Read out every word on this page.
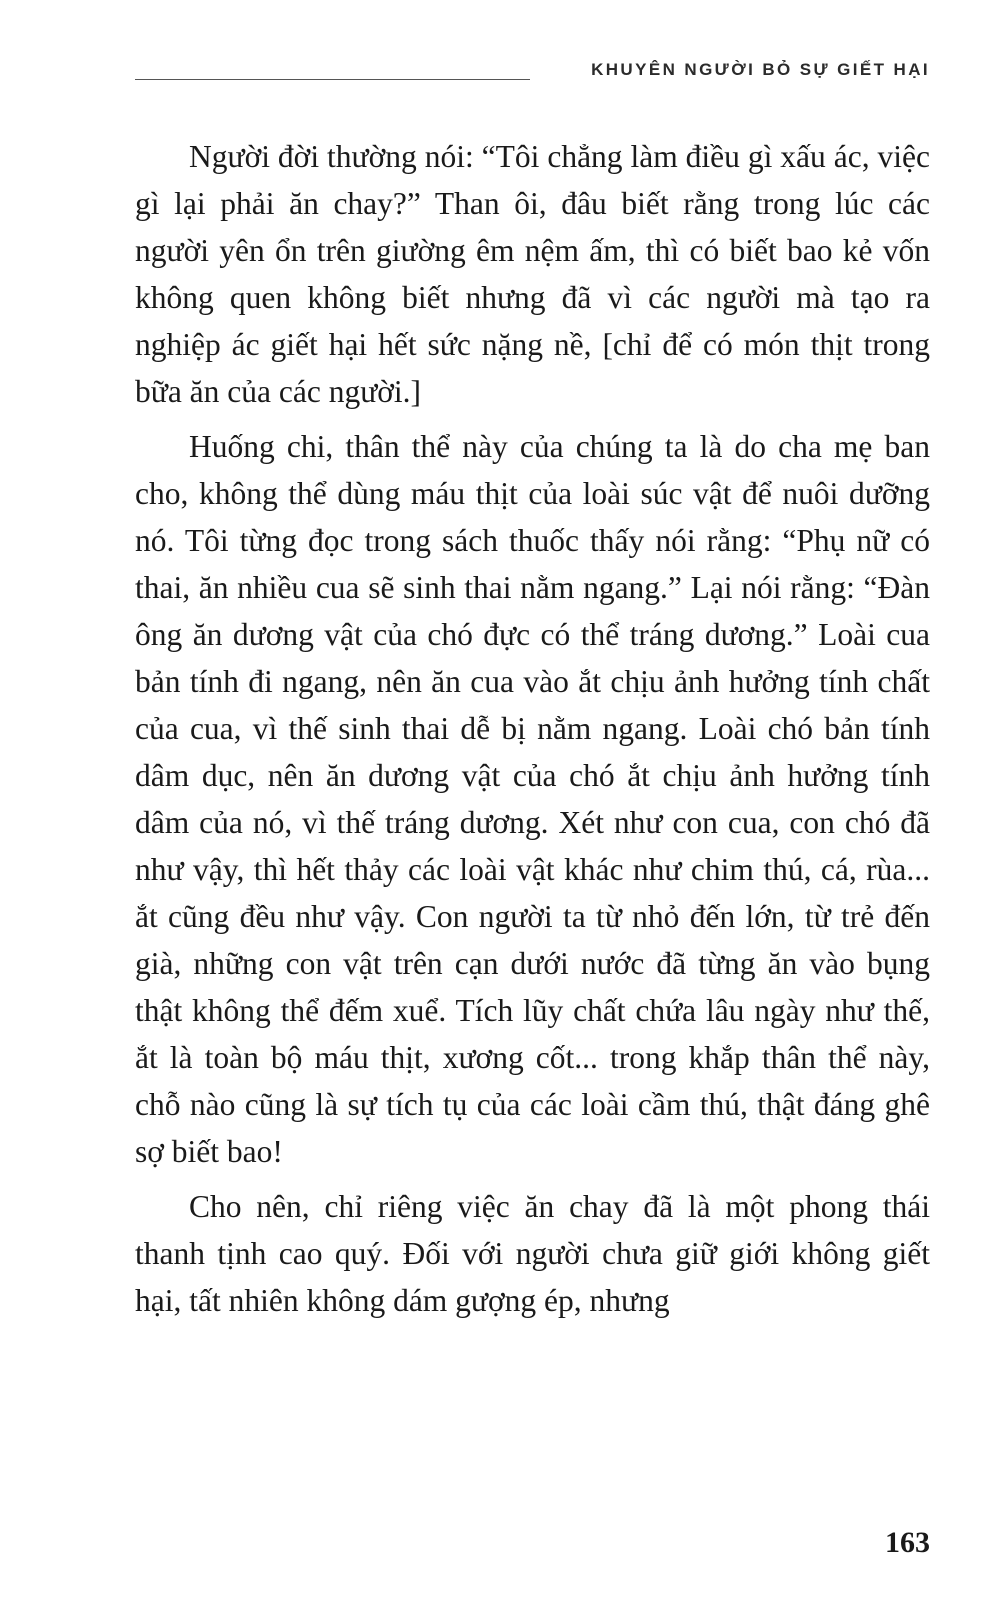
KHUYÊN NGƯỜI BỎ SỰ GIẾT HẠI

Người đời thường nói: “Tôi chẳng làm điều gì xấu ác, việc gì lại phải ăn chay?” Than ôi, đâu biết rằng trong lúc các người yên ổn trên giường êm nệm ấm, thì có biết bao kẻ vốn không quen không biết nhưng đã vì các người mà tạo ra nghiệp ác giết hại hết sức nặng nề, [chỉ để có món thịt trong bữa ăn của các người.]

Huống chi, thân thể này của chúng ta là do cha mẹ ban cho, không thể dùng máu thịt của loài súc vật để nuôi dưỡng nó. Tôi từng đọc trong sách thuốc thấy nói rằng: “Phụ nữ có thai, ăn nhiều cua sẽ sinh thai nằm ngang.” Lại nói rằng: “Đàn ông ăn dương vật của chó đực có thể tráng dương.” Loài cua bản tính đi ngang, nên ăn cua vào ắt chịu ảnh hưởng tính chất của cua, vì thế sinh thai dễ bị nằm ngang. Loài chó bản tính dâm dục, nên ăn dương vật của chó ắt chịu ảnh hưởng tính dâm của nó, vì thế tráng dương. Xét như con cua, con chó đã như vậy, thì hết thảy các loài vật khác như chim thú, cá, rùa... ắt cũng đều như vậy. Con người ta từ nhỏ đến lớn, từ trẻ đến già, những con vật trên cạn dưới nước đã từng ăn vào bụng thật không thể đếm xuể. Tích lũy chất chứa lâu ngày như thế, ắt là toàn bộ máu thịt, xương cốt... trong khắp thân thể này, chỗ nào cũng là sự tích tụ của các loài cầm thú, thật đáng ghê sợ biết bao!

Cho nên, chỉ riêng việc ăn chay đã là một phong thái thanh tịnh cao quý. Đối với người chưa giữ giới không giết hại, tất nhiên không dám gượng ép, nhưng

163
